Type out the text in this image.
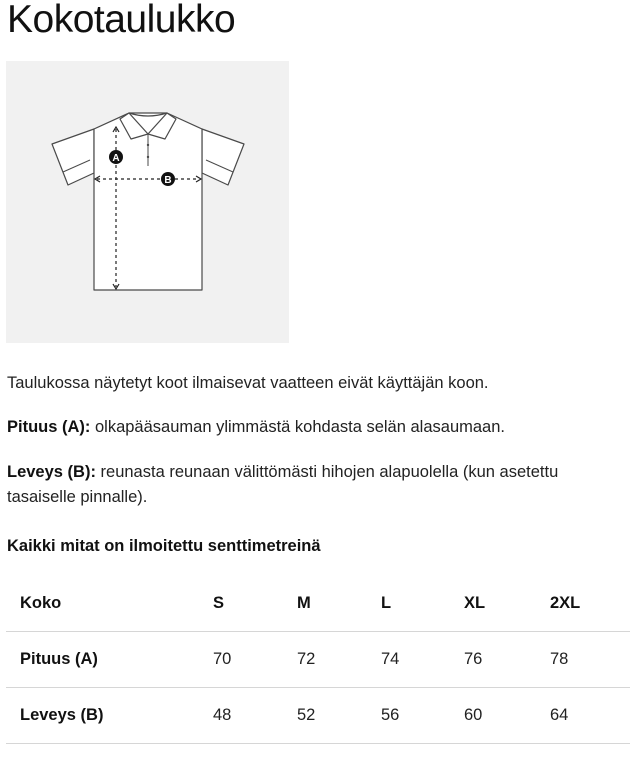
Kokotaulukko
A
B

Taulukossa näytetyt koot ilmaisevat vaatteen eivät käyttäjän koon.

Pituus (A): olkapääsauman ylimmästä kohdasta selän alasaumaan.

Leveys (B): reunasta reunaan välittömästi hihojen alapuolella (kun asetettu tasaiselle pinnalle).

Kaikki mitat on ilmoitettu senttimetreinä

Koko	S	M	L	XL	2XL
Pituus (A)	70	72	74	76	78
Leveys (B)	48	52	56	60	64
